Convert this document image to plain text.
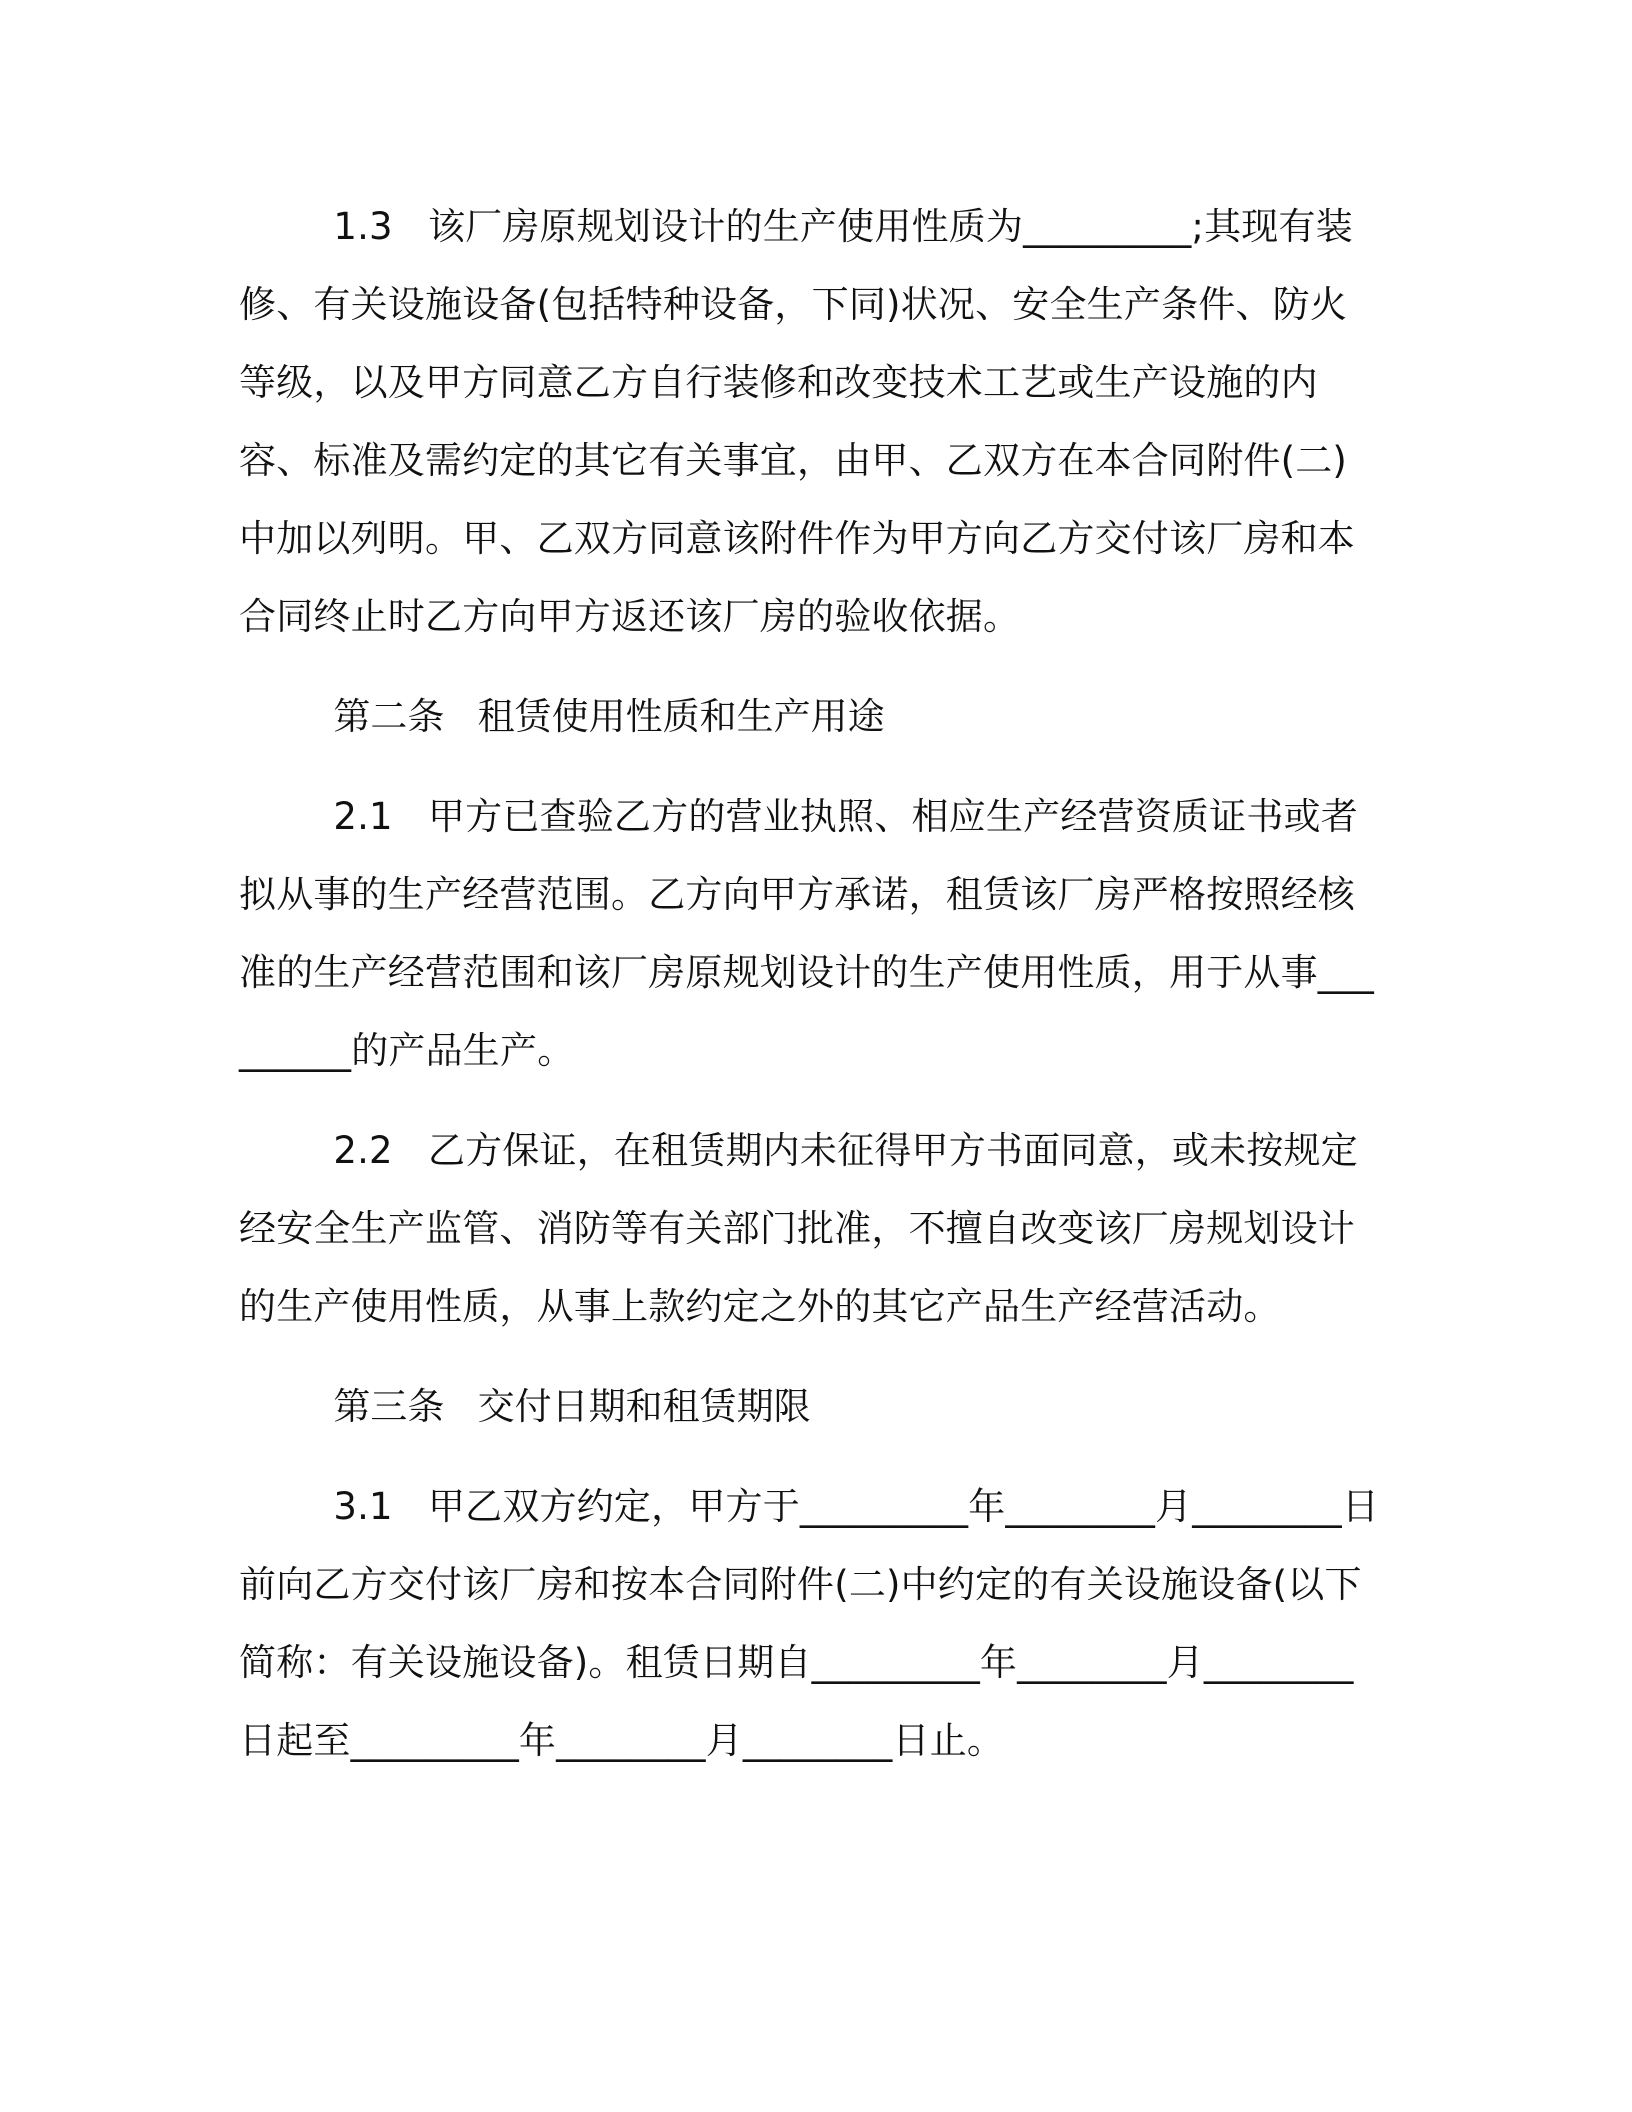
1.3 该厂房原规划设计的生产使用性质为_________;其现有装修、有关设施设备(包括特种设备，下同)状况、安全生产条件、防火等级，以及甲方同意乙方自行装修和改变技术工艺或生产设施的内容、标准及需约定的其它有关事宜，由甲、乙双方在本合同附件(二)中加以列明。甲、乙双方同意该附件作为甲方向乙方交付该厂房和本合同终止时乙方向甲方返还该厂房的验收依据。

第二条 租赁使用性质和生产用途

2.1 甲方已查验乙方的营业执照、相应生产经营资质证书或者拟从事的生产经营范围。乙方向甲方承诺，租赁该厂房严格按照经核准的生产经营范围和该厂房原规划设计的生产使用性质，用于从事_________的产品生产。

2.2 乙方保证，在租赁期内未征得甲方书面同意，或未按规定经安全生产监管、消防等有关部门批准，不擅自改变该厂房规划设计的生产使用性质，从事上款约定之外的其它产品生产经营活动。

第三条 交付日期和租赁期限

3.1 甲乙双方约定，甲方于_________年________月________日前向乙方交付该厂房和按本合同附件(二)中约定的有关设施设备(以下简称：有关设施设备)。租赁日期自_________年________月________日起至_________年________月________日止。
